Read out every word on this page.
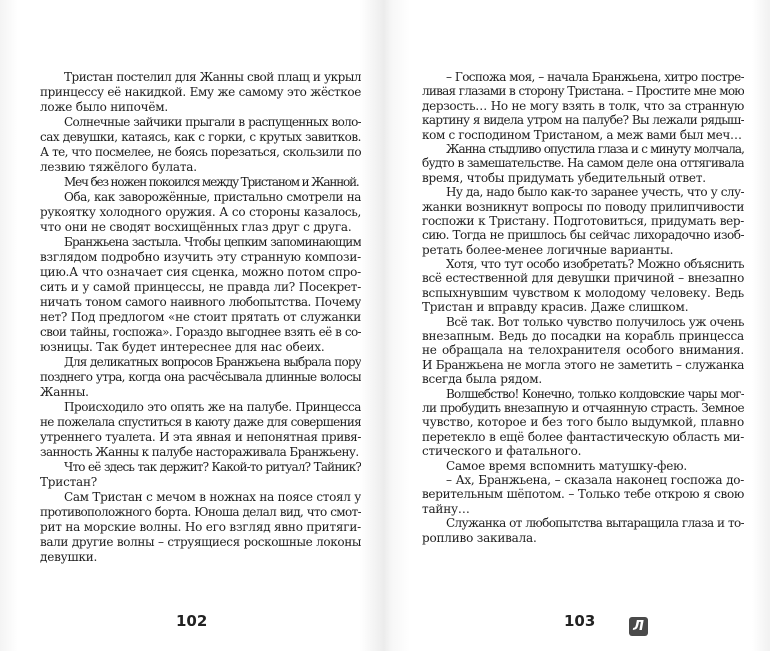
Тристан постелил для Жанны свой плащ и укрыл
принцессу её накидкой. Ему же самому это жёсткое
ложе было нипочём.
Солнечные зайчики прыгали в распущенных воло-
сах девушки, катаясь, как с горки, с крутых завитков.
А те, что посмелее, не боясь порезаться, скользили по
лезвию тяжёлого булата.
Меч без ножен покоился между Тристаном и Жанной.
Оба, как заворожённые, пристально смотрели на
рукоятку холодного оружия. А со стороны казалось,
что они не сводят восхищённых глаз друг с друга.
Бранжьена застыла. Чтобы цепким запоминающим
взглядом подробно изучить эту странную компози-
цию.А что означает сия сценка, можно потом спро-
сить и у самой принцессы, не правда ли? Посекрет-
ничать тоном самого наивного любопытства. Почему
нет? Под предлогом «не стоит прятать от служанки
свои тайны, госпожа». Гораздо выгоднее взять её в со-
юзницы. Так будет интереснее для нас обеих.
Для деликатных вопросов Бранжьена выбрала пору
позднего утра, когда она расчёсывала длинные волосы
Жанны.
Происходило это опять же на палубе. Принцесса
не пожелала спуститься в каюту даже для совершения
утреннего туалета. И эта явная и непонятная привя-
занность Жанны к палубе настораживала Бранжьену.
Что её здесь так держит? Какой-то ритуал? Тайник?
Тристан?
Сам Тристан с мечом в ножнах на поясе стоял у
противоположного борта. Юноша делал вид, что смот-
рит на морские волны. Но его взгляд явно притяги-
вали другие волны – струящиеся роскошные локоны
девушки.
– Госпожа моя, – начала Бранжьена, хитро постре-
ливая глазами в сторону Тристана. – Простите мне мою
дерзость… Но не могу взять в толк, что за странную
картину я видела утром на палубе? Вы лежали рядыш-
ком с господином Тристаном, а меж вами был меч…
Жанна стыдливо опустила глаза и с минуту молчала,
будто в замешательстве. На самом деле она оттягивала
время, чтобы придумать убедительный ответ.
Ну да, надо было как-то заранее учесть, что у слу-
жанки возникнут вопросы по поводу прилипчивости
госпожи к Тристану. Подготовиться, придумать вер-
сию. Тогда не пришлось бы сейчас лихорадочно изоб-
ретать более-менее логичные варианты.
Хотя, что тут особо изобретать? Можно объяснить
всё естественной для девушки причиной – внезапно
вспыхнувшим чувством к молодому человеку. Ведь
Тристан и вправду красив. Даже слишком.
Всё так. Вот только чувство получилось уж очень
внезапным. Ведь до посадки на корабль принцесса
не обращала на телохранителя особого внимания.
И Бранжьена не могла этого не заметить – служанка
всегда была рядом.
Волшебство! Конечно, только колдовские чары мог-
ли пробудить внезапную и отчаянную страсть. Земное
чувство, которое и без того было выдумкой, плавно
перетекло в ещё более фантастическую область ми-
стического и фатального.
Самое время вспомнить матушку-фею.
– Ах, Бранжьена, – сказала наконец госпожа до-
верительным шёпотом. – Только тебе открою я свою
тайну…
Служанка от любопытства вытаращила глаза и то-
ропливо закивала.
102	103	Л
